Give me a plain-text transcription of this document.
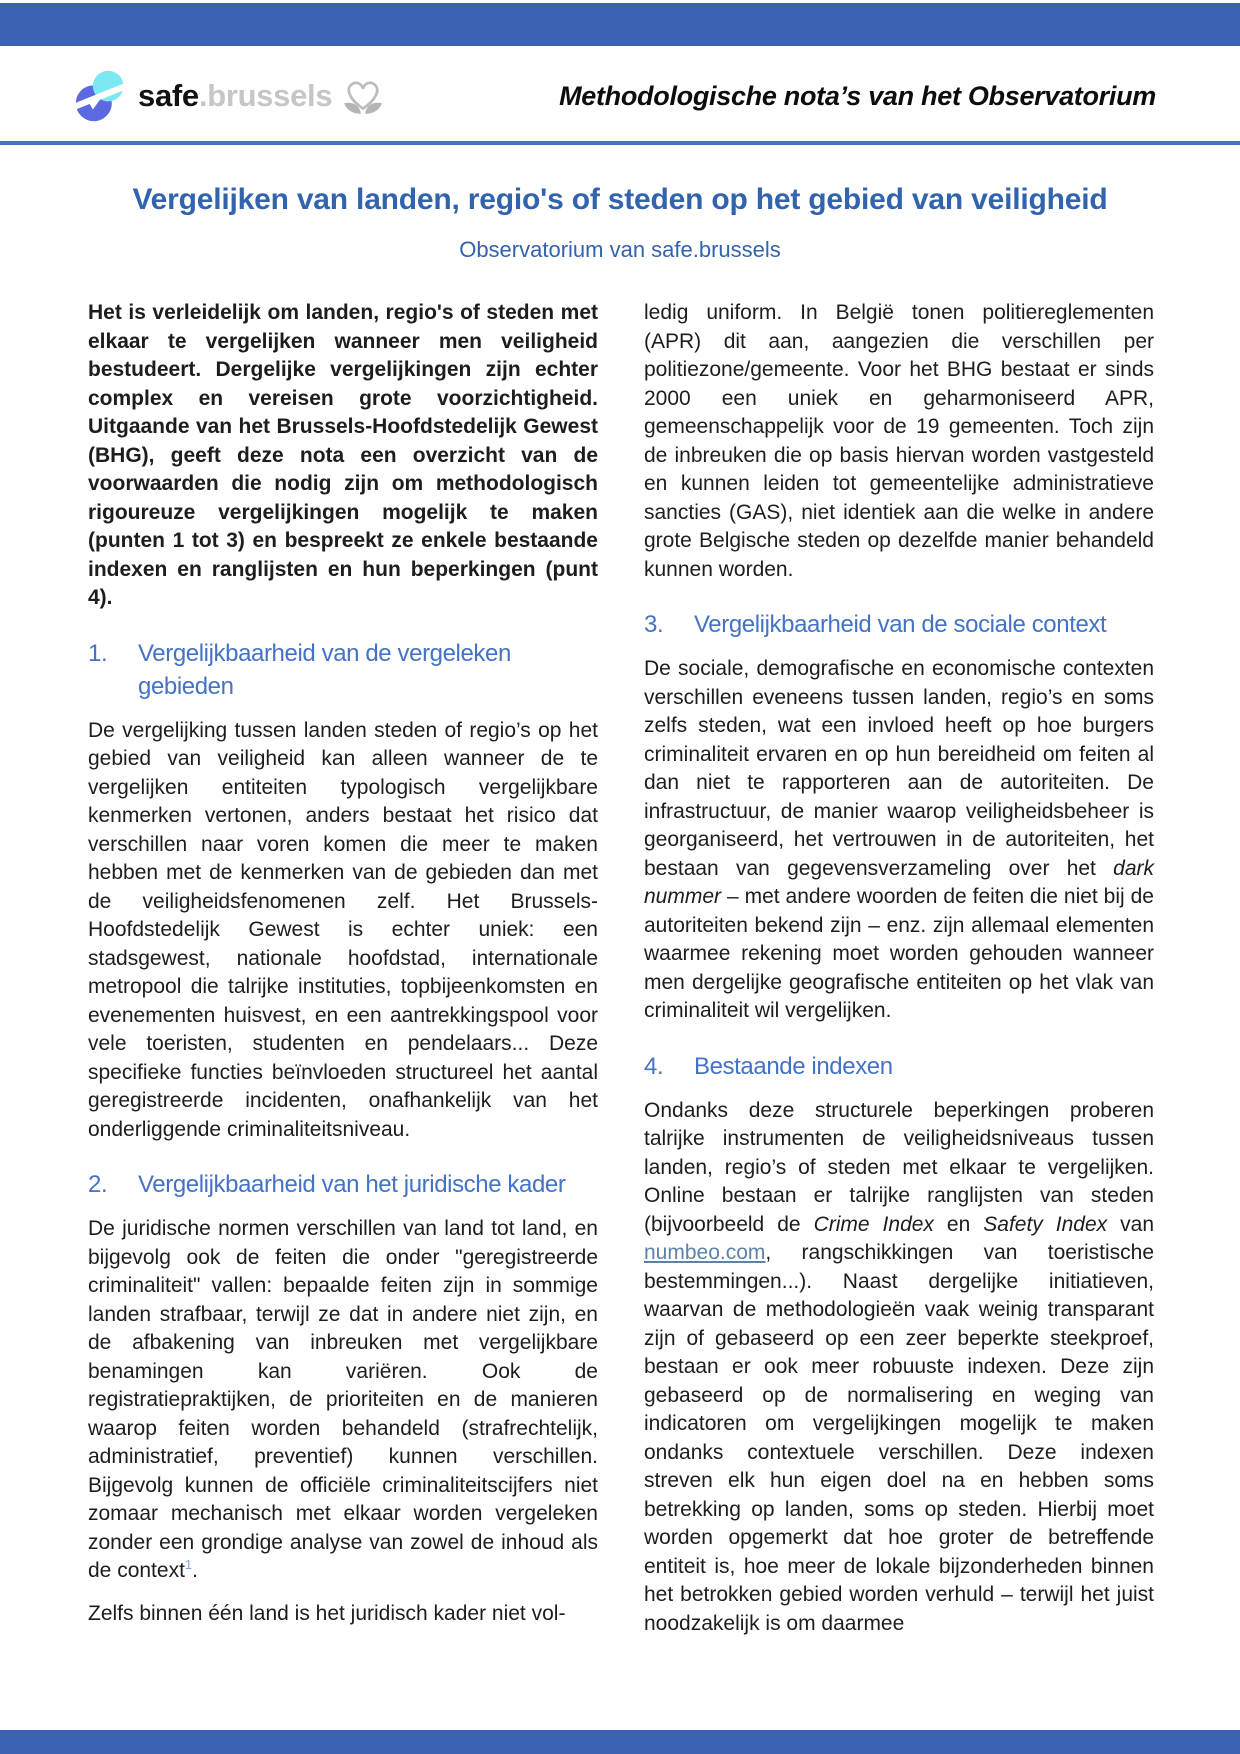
safe . brussels	Methodologische nota’s van het Observatorium
Vergelijken van landen, regio's of steden op het gebied van veiligheid
Observatorium van safe.brussels

Het is verleidelijk om landen, regio's of steden met elkaar te vergelijken wanneer men veiligheid bestudeert. Dergelijke vergelijkingen zijn echter complex en vereisen grote voorzichtigheid. Uitgaande van het Brussels-Hoofdstedelijk Gewest (BHG), geeft deze nota een overzicht van de voorwaarden die nodig zijn om methodologisch rigoureuze vergelijkingen mogelijk te maken (punten 1 tot 3) en bespreekt ze enkele bestaande indexen en ranglijsten en hun beperkingen (punt 4).

1.	Vergelijkbaarheid van de vergeleken gebieden

De vergelijking tussen landen steden of regio’s op het gebied van veiligheid kan alleen wanneer de te vergelijken entiteiten typologisch vergelijkbare kenmerken vertonen, anders bestaat het risico dat verschillen naar voren komen die meer te maken hebben met de kenmerken van de gebieden dan met de veiligheidsfenomenen zelf. Het Brussels-Hoofdstedelijk Gewest is echter uniek: een stadsgewest, nationale hoofdstad, internationale metropool die talrijke instituties, topbijeenkomsten en evenementen huisvest, en een aantrekkingspool voor vele toeristen, studenten en pendelaars... Deze specifieke functies beïnvloeden structureel het aantal geregistreerde incidenten, onafhankelijk van het onderliggende criminaliteitsniveau.

2.	Vergelijkbaarheid van het juridische kader

De juridische normen verschillen van land tot land, en bijgevolg ook de feiten die onder "geregistreerde criminaliteit" vallen: bepaalde feiten zijn in sommige landen strafbaar, terwijl ze dat in andere niet zijn, en de afbakening van inbreuken met vergelijkbare benamingen kan variëren. Ook de registratiepraktijken, de prioriteiten en de manieren waarop feiten worden behandeld (strafrechtelijk, administratief, preventief) kunnen verschillen. Bijgevolg kunnen de officiële criminaliteitscijfers niet zomaar mechanisch met elkaar worden vergeleken zonder een grondige analyse van zowel de inhoud als de context$^1$.

Zelfs binnen één land is het juridisch kader niet vol-

ledig uniform. In België tonen politiereglementen (APR) dit aan, aangezien die verschillen per politiezone/gemeente. Voor het BHG bestaat er sinds 2000 een uniek en geharmoniseerd APR, gemeenschappelijk voor de 19 gemeenten. Toch zijn de inbreuken die op basis hiervan worden vastgesteld en kunnen leiden tot gemeentelijke administratieve sancties (GAS), niet identiek aan die welke in andere grote Belgische steden op dezelfde manier behandeld kunnen worden.

3.	Vergelijkbaarheid van de sociale context

De sociale, demografische en economische contexten verschillen eveneens tussen landen, regio’s en soms zelfs steden, wat een invloed heeft op hoe burgers criminaliteit ervaren en op hun bereidheid om feiten al dan niet te rapporteren aan de autoriteiten. De infrastructuur, de manier waarop veiligheidsbeheer is georganiseerd, het vertrouwen in de autoriteiten, het bestaan van gegevensverzameling over het dark nummer – met andere woorden de feiten die niet bij de autoriteiten bekend zijn – enz. zijn allemaal elementen waarmee rekening moet worden gehouden wanneer men dergelijke geografische entiteiten op het vlak van criminaliteit wil vergelijken.

4.	Bestaande indexen

Ondanks deze structurele beperkingen proberen talrijke instrumenten de veiligheidsniveaus tussen landen, regio’s of steden met elkaar te vergelijken. Online bestaan er talrijke ranglijsten van steden (bijvoorbeeld de Crime Index en Safety Index van numbeo.com, rangschikkingen van toeristische bestemmingen...). Naast dergelijke initiatieven, waarvan de methodologieën vaak weinig transparant zijn of gebaseerd op een zeer beperkte steekproef, bestaan er ook meer robuuste indexen. Deze zijn gebaseerd op de normalisering en weging van indicatoren om vergelijkingen mogelijk te maken ondanks contextuele verschillen. Deze indexen streven elk hun eigen doel na en hebben soms betrekking op landen, soms op steden. Hierbij moet worden opgemerkt dat hoe groter de betreffende entiteit is, hoe meer de lokale bijzonderheden binnen het betrokken gebied worden verhuld – terwijl het juist noodzakelijk is om daarmee
